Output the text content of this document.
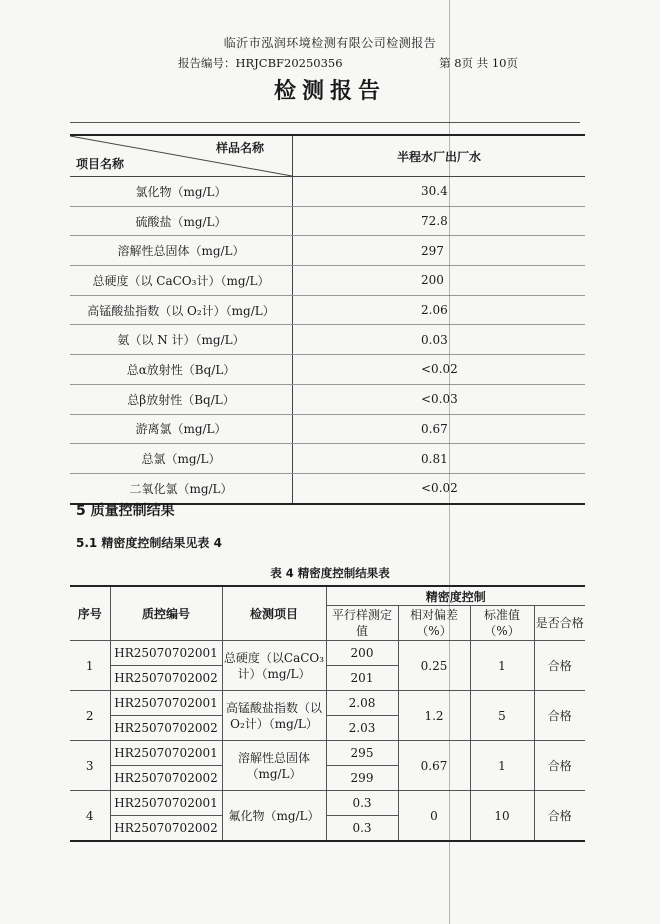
临沂市泓润环境检测有限公司检测报告
报告编号：HRJCBF20250356	第 8页 共 10页
检测报告
样品名称
项目名称	半程水厂出厂水
氯化物（mg/L）	30.4
硫酸盐（mg/L）	72.8
溶解性总固体（mg/L）	297
总硬度（以 CaCO₃计）（mg/L）	200
高锰酸盐指数（以 O₂计）（mg/L）	2.06
氨（以 N 计）（mg/L）	0.03
总α放射性（Bq/L）	<0.02
总β放射性（Bq/L）	<0.03
游离氯（mg/L）	0.67
总氯（mg/L）	0.81
二氧化氯（mg/L）	<0.02
5 质量控制结果
5.1 精密度控制结果见表 4
表 4 精密度控制结果表
序号	质控编号	检测项目	精密度控制			
			平行样测定值	相对偏差（%）	标准值（%）	是否合格
1	HR25070702001	总硬度（以CaCO₃计）（mg/L）	200	0.25	1	合格
	HR25070702002		201			
2	HR25070702001	高锰酸盐指数（以 O₂计）（mg/L）	2.08	1.2	5	合格
	HR25070702002		2.03			
3	HR25070702001	溶解性总固体（mg/L）	295	0.67	1	合格
	HR25070702002		299			
4	HR25070702001	氟化物（mg/L）	0.3	0	10	合格
	HR25070702002		0.3			
